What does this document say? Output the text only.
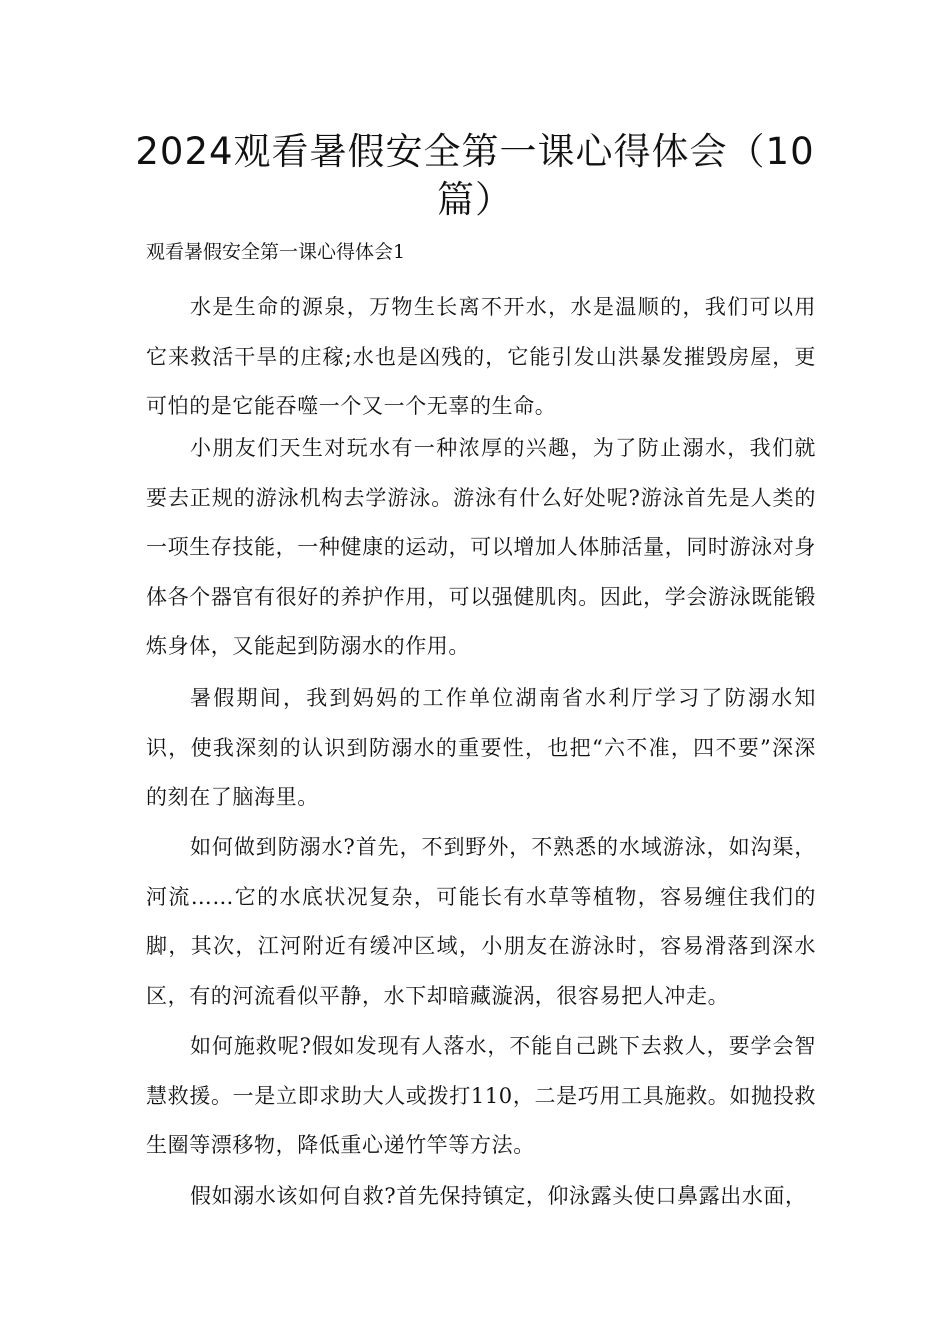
2024观看暑假安全第一课心得体会（10篇）

观看暑假安全第一课心得体会1

水是生命的源泉，万物生长离不开水，水是温顺的，我们可以用它来救活干旱的庄稼;水也是凶残的，它能引发山洪暴发摧毁房屋，更可怕的是它能吞噬一个又一个无辜的生命。

小朋友们天生对玩水有一种浓厚的兴趣，为了防止溺水，我们就要去正规的游泳机构去学游泳。游泳有什么好处呢?游泳首先是人类的一项生存技能，一种健康的运动，可以增加人体肺活量，同时游泳对身体各个器官有很好的养护作用，可以强健肌肉。因此，学会游泳既能锻炼身体，又能起到防溺水的作用。

暑假期间，我到妈妈的工作单位湖南省水利厅学习了防溺水知识，使我深刻的认识到防溺水的重要性，也把“六不准，四不要”深深的刻在了脑海里。

如何做到防溺水?首先，不到野外，不熟悉的水域游泳，如沟渠，河流……它的水底状况复杂，可能长有水草等植物，容易缠住我们的脚，其次，江河附近有缓冲区域，小朋友在游泳时，容易滑落到深水区，有的河流看似平静，水下却暗藏漩涡，很容易把人冲走。

如何施救呢?假如发现有人落水，不能自己跳下去救人，要学会智慧救援。一是立即求助大人或拨打110，二是巧用工具施救。如抛投救生圈等漂移物，降低重心递竹竿等方法。

假如溺水该如何自救?首先保持镇定，仰泳露头使口鼻露出水面，
